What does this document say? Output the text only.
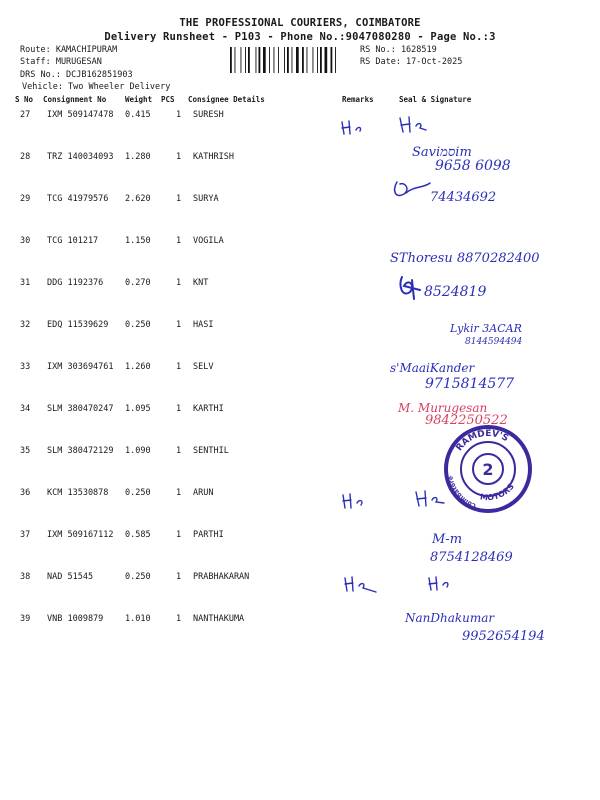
THE PROFESSIONAL COURIERS, COIMBATORE
Delivery Runsheet - P103 - Phone No.:9047080280 - Page No.:3
Route: KAMACHIPURAM
Staff: MURUGESAN
DRS No.: DCJB162851903
Vehicle: Two Wheeler Delivery
RS No.: 1628519
RS Date: 17-Oct-2025
S No Consignment No	Weight PCS Consignee Details	Remarks	Seal & Signature
27 IXM 509147478 0.415	1 SURESH
28 TRZ 140034093 1.280	1 KATHRISH
29 TCG 41979576 2.620	1 SURYA
30 TCG 101217	1.150	1 VOGILA
31 DDG 1192376	0.270	1 KNT
32 EDQ 11539629 0.250	1 HASI
33 IXM 303694761 1.260	1 SELV
34 SLM 380470247 1.095	1 KARTHI
35 SLM 380472129 1.090	1 SENTHIL
36 KCM 13530878 0.250	1 ARUN
37 IXM 509167112 0.585	1 PARTHI
38 NAD 51545	0.250	1 PRABHAKARAN
39 VNB 1009879	1.010	1 NANTHAKUMA
Saviסמim
9658 6098
74434692
SThoresu 8870282400
8524819
Lykir 3ACAR
8144594494
s'MaaiKander
9715814577
M. Murugesan
9842250522
M-m
8754128469
NanDhakumar
9952654194
RAMDEV'S
MOTORS
Coimbatore	2
